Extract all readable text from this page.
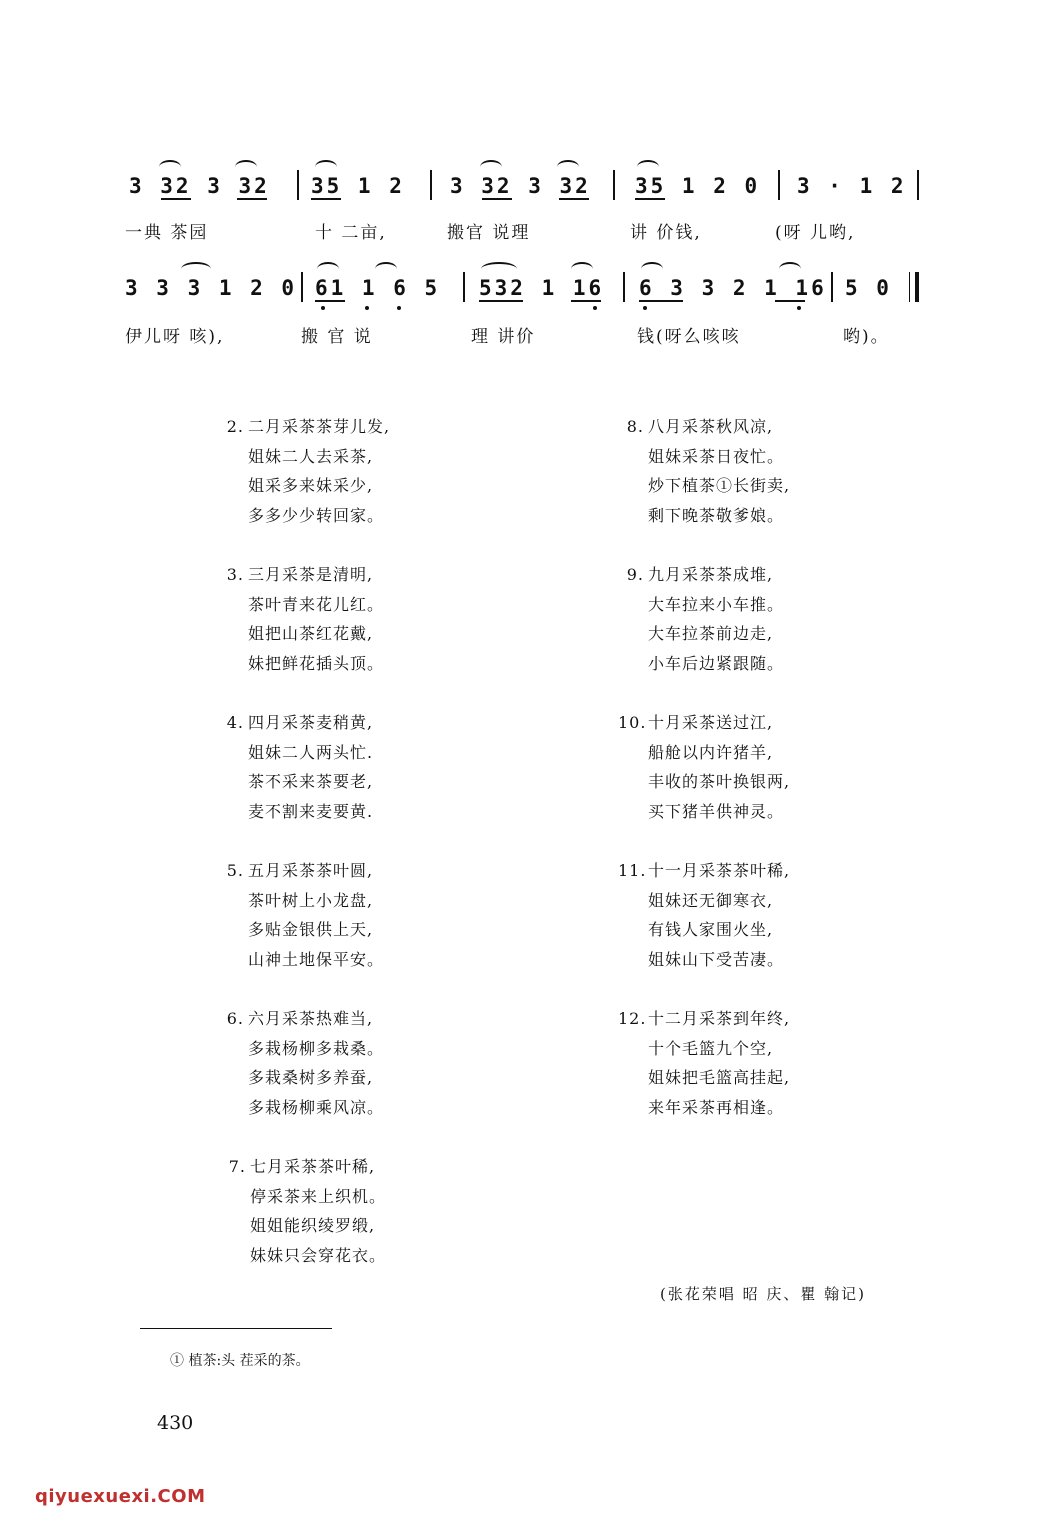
3 32 3 32 35 1 2 3 32 3 32 35 1 2 0 3 · 1 2
一典 茶园	十 二亩,	搬官 说理	讲 价钱,	(呀 儿哟,
3 3 3 1 2 0 61 1 6 5 532 1 16 6 3 3 2 1 16 5 0
伊儿呀 咳),	搬 官 说	理 讲价	钱(呀么咳咳	哟)。
2. 二月采茶茶芽儿发,
姐妹二人去采茶,
姐采多来妹采少,
多多少少转回家。
3. 三月采茶是清明,
茶叶青来花儿红。
姐把山茶红花戴,
妹把鲜花插头顶。
4. 四月采茶麦稍黄,
姐妹二人两头忙.
茶不采来茶要老,
麦不割来麦要黄.
5. 五月采茶茶叶圆,
茶叶树上小龙盘,
多贴金银供上天,
山神土地保平安。
6. 六月采茶热难当,
多栽杨柳多栽桑。
多栽桑树多养蚕,
多栽杨柳乘风凉。
7. 七月采茶茶叶稀,
停采茶来上织机。
姐姐能织绫罗缎,
妹妹只会穿花衣。
8. 八月采茶秋风凉,
姐妹采茶日夜忙。
炒下植茶①长街卖,
剩下晚茶敬爹娘。
9. 九月采茶茶成堆,
大车拉来小车推。
大车拉茶前边走,
小车后边紧跟随。
10. 十月采茶送过江,
船舱以内许猪羊,
丰收的茶叶换银两,
买下猪羊供神灵。
11. 十一月采茶茶叶稀,
姐妹还无御寒衣,
有钱人家围火坐,
姐妹山下受苦凄。
12. 十二月采茶到年终,
十个毛篮九个空,
姐妹把毛篮高挂起,
来年采茶再相逢。
(张花荣唱 昭 庆、瞿 翰记)
① 植茶:头 茬采的茶。
430
qiyuexuexi.COM
